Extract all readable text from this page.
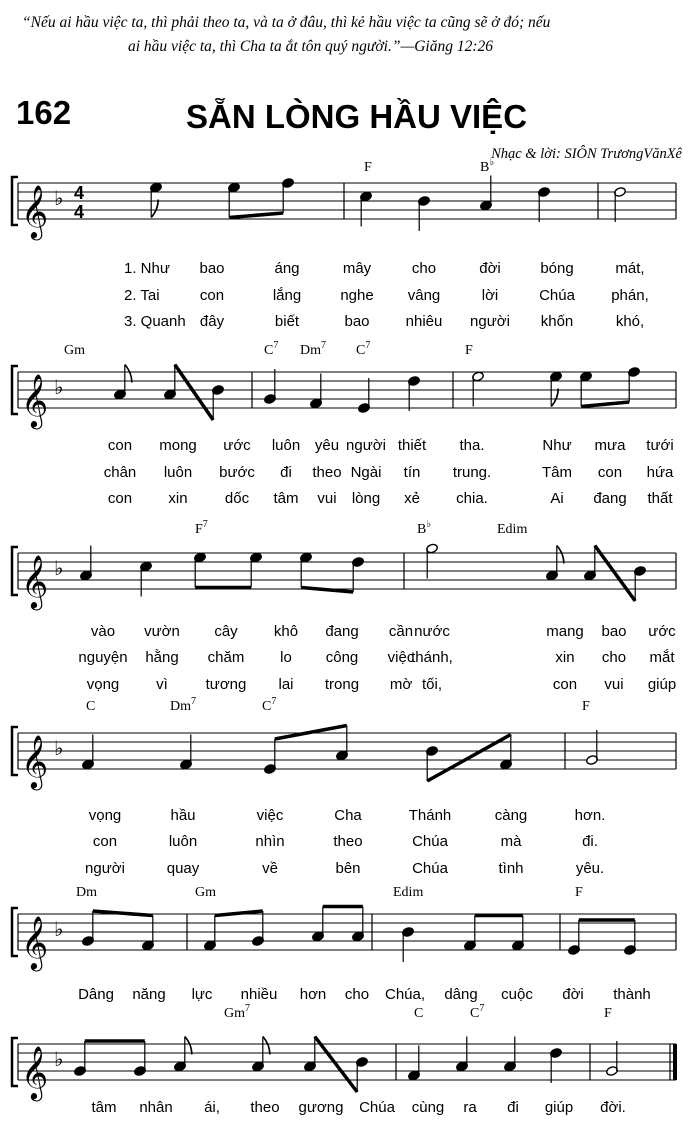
“Nếu ai hầu việc ta, thì phải theo ta, và ta ở đâu, thì kẻ hầu việc ta cũng sẽ ở đó; nếu
ai hầu việc ta, thì Cha ta ắt tôn quý người.”—Giăng 12:26
162	SẴN LÒNG HẦU VIỆC
Nhạc & lời: SIÔN TrươngVănXê
𝄞 ♭ 4
4
F	B♭
1. Như bao	áng	mây	cho	đời	bóng	mát,
2. Tai	con	lắng	nghe vâng	lời	Chúa phán,
3. Quanh đây	biết	bao nhiêu người khốn	khó,
𝄞 ♭
Gm	$C^7$ Dm$^7$ $C^7$	F
con mong ước luôn yêu người thiết tha.	Như mưa tưới
chân luôn bước đi theo Ngài tín trung.	Tâm con hứa
con xin dốc tâm vui lòng xẻ chia.	Ai đang thất
𝄞 ♭
$F^7$	B♭	Edim
vào vườn cây khô đang cần nước	mang bao ước
nguyện hằng chăm lo công việc
thánh,	xin cho mắt
vọng vì	tương lai trong mờ tối,	con vui giúp
𝄞 ♭
C	Dm$^7$	$C^7$	F
vọng	hầu	việc	Cha	Thánh	càng	hơn.
con	luôn	nhìn	theo	Chúa	mà	đi.
người	quay	về	bên	Chúa	tình	yêu.
𝄞 ♭
Dm	Gm	Edim	F
Dâng năng lực nhiều hơn cho Chúa, dâng cuộc đời thành
𝄞 ♭
Gm$^7$	C	$C^7$	F
tâm nhân ái, theo gương Chúa cùng ra đi giúp đời.
